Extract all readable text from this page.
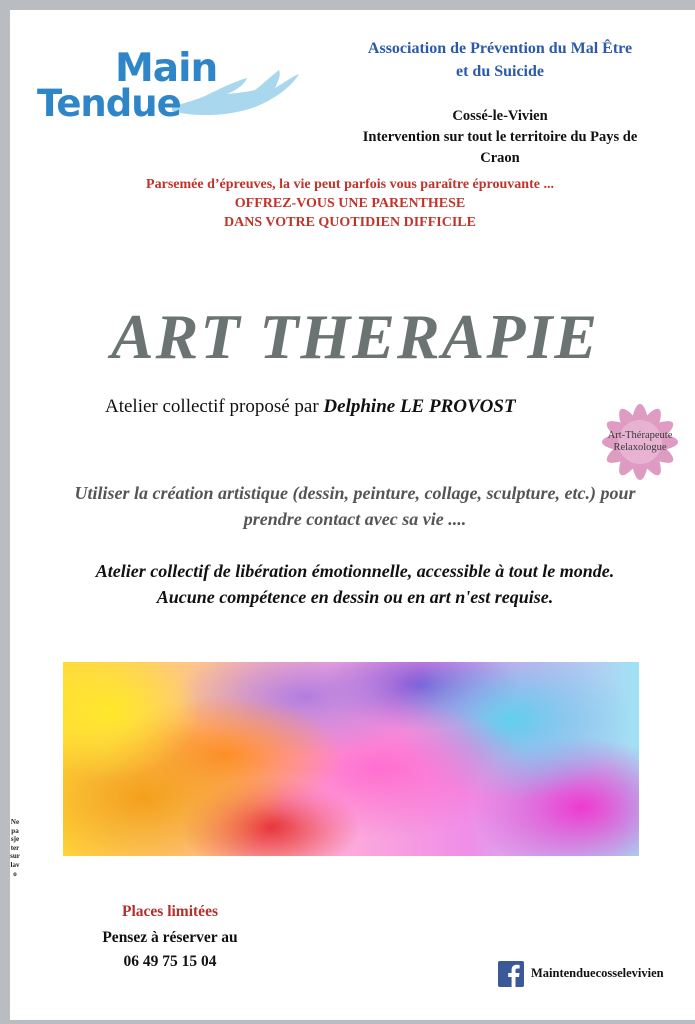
Main
Tendue
Association de Prévention du Mal Être
et du Suicide
Cossé-le-Vivien
Intervention sur tout le territoire du Pays de
Craon
Parsemée d’épreuves, la vie peut parfois vous paraître éprouvante ...
OFFREZ-VOUS UNE PARENTHESE
DANS VOTRE QUOTIDIEN DIFFICILE
ART THERAPIE
Atelier collectif proposé par Delphine LE PROVOST
Art-Thérapeute
Relaxologue
Utiliser la création artistique (dessin, peinture, collage, sculpture, etc.) pour
prendre contact avec sa vie ....
Atelier collectif de libération émotionnelle, accessible à tout le monde.
Aucune compétence en dessin ou en art n'est requise.
Nepasjetersurlavo
Places limitées
Pensez à réserver au
06 49 75 15 04
Maintenduecosselevivien
